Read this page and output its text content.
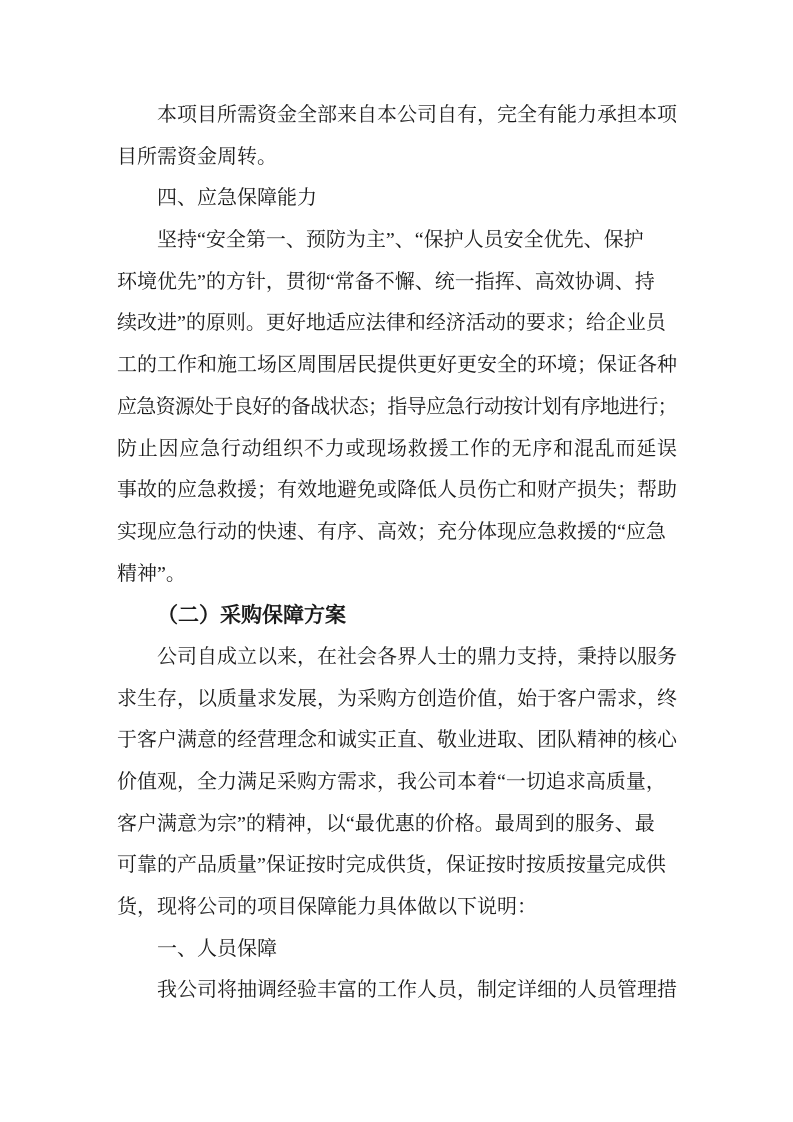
本项目所需资金全部来自本公司自有，完全有能力承担本项
目所需资金周转。
四、应急保障能力
坚持“安全第一、预防为主”、“保护人员安全优先、保护
环境优先”的方针，贯彻“常备不懈、统一指挥、高效协调、持
续改进”的原则。更好地适应法律和经济活动的要求；给企业员
工的工作和施工场区周围居民提供更好更安全的环境；保证各种
应急资源处于良好的备战状态；指导应急行动按计划有序地进行；
防止因应急行动组织不力或现场救援工作的无序和混乱而延误
事故的应急救援；有效地避免或降低人员伤亡和财产损失；帮助
实现应急行动的快速、有序、高效；充分体现应急救援的“应急
精神”。
（二）采购保障方案
公司自成立以来，在社会各界人士的鼎力支持，秉持以服务
求生存，以质量求发展，为采购方创造价值，始于客户需求，终
于客户满意的经营理念和诚实正直、敬业进取、团队精神的核心
价值观，全力满足采购方需求，我公司本着“一切追求高质量，
客户满意为宗”的精神，以“最优惠的价格。最周到的服务、最
可靠的产品质量”保证按时完成供货，保证按时按质按量完成供
货，现将公司的项目保障能力具体做以下说明：
一、人员保障
我公司将抽调经验丰富的工作人员，制定详细的人员管理措
